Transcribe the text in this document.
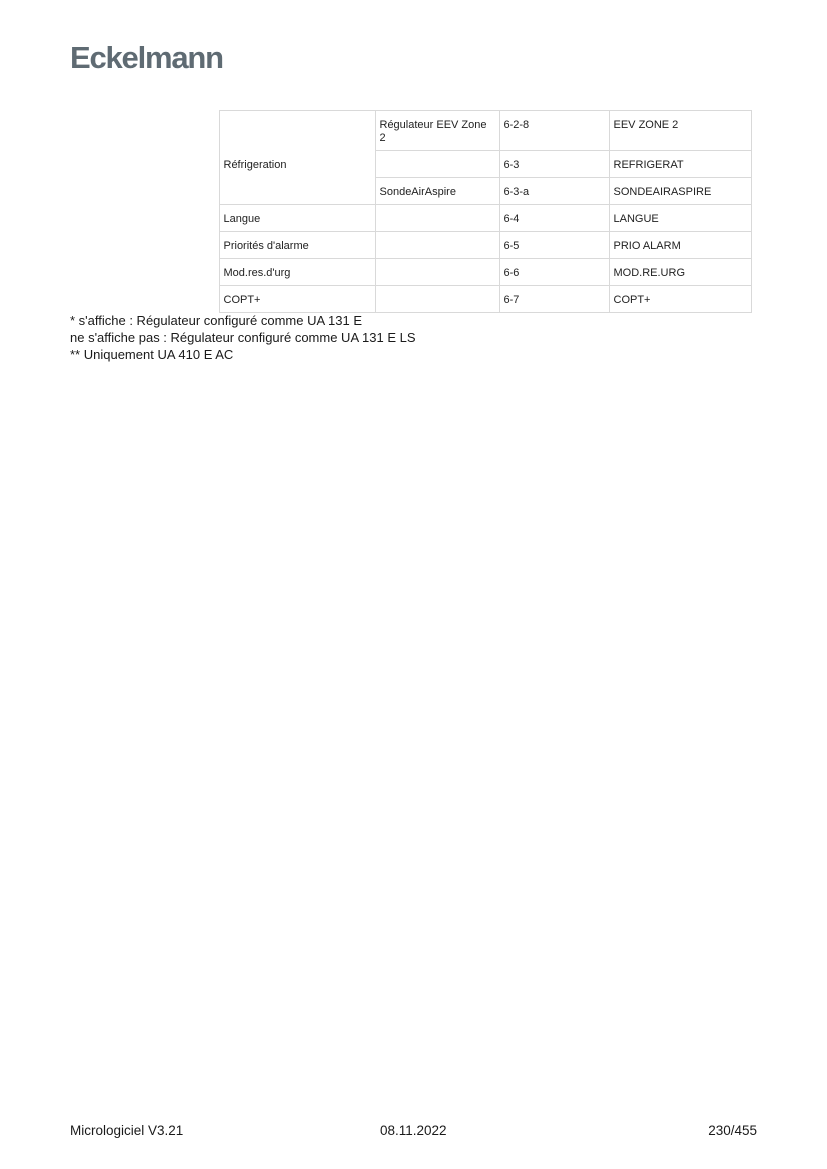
Eckelmann
		Régulateur EEV Zone 2	6-2-8	EEV ZONE 2
	Réfrigeration		6-3	REFRIGERAT
		SondeAirAspire	6-3-a	SONDEAIRASPIRE
	Langue		6-4	LANGUE
	Priorités d'alarme		6-5	PRIO ALARM
	Mod.res.d'urg		6-6	MOD.RE.URG
	COPT+		6-7	COPT+
* s'affiche : Régulateur configuré comme UA 131 E
ne s'affiche pas : Régulateur configuré comme UA 131 E LS
** Uniquement UA 410 E AC
Micrologiciel V3.21	08.11.2022	230/455
